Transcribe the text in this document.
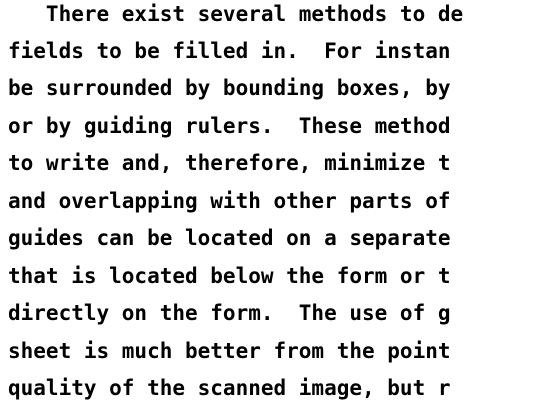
There exist several methods to de
fields to be filled in.  For instan
be surrounded by bounding boxes, by
or by guiding rulers.  These method
to write and, therefore, minimize t
and overlapping with other parts of
guides can be located on a separate
that is located below the form or t
directly on the form.  The use of g
sheet is much better from the point
quality of the scanned image, but r
